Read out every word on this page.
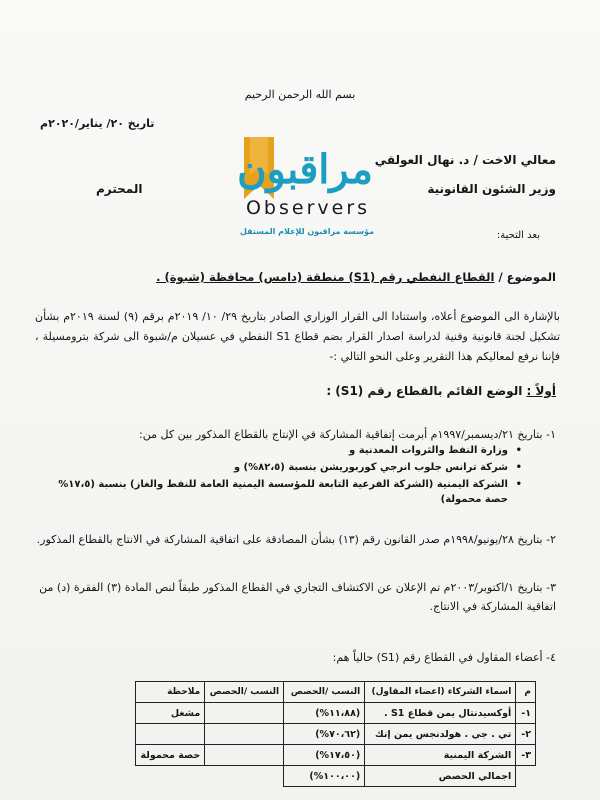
بسم الله الرحمن الرحيم
تاريخ ٢٠/ يناير/٢٠٢٠م
معالي الاخت / د. نهال العولقي
وزير الشئون القانونية
المحترم
بعد التحية:
مراقبون
Observers
مؤسسة مراقبون للإعلام المستقل
الموضوع / القطاع النفطي رقم (S1) منطقة (دامس) محافظة (شبوة) .
بالإشارة الى الموضوع أعلاه، واستنادا الى القرار الوزاري الصادر بتاريخ ٢٩/ ١٠/ ٢٠١٩م برقم (٩) لسنة ٢٠١٩م بشأن تشكيل لجنة قانونية وفنية لدراسة اصدار القرار بضم قطاع S1 النفطي في عسيلان م/شبوة الى شركة بترومسيلة ، فإننا نرفع لمعاليكم هذا التقرير وعلى النحو التالي :-
أولاً : الوضع القائم بالقطاع رقم (S1) :
١- بتاريخ ٢١/ديسمبر/١٩٩٧م أبرمت إتفاقية المشاركة في الإنتاج بالقطاع المذكور بين كل من:
• وزارة النفط والثروات المعدنية و
• شركة ترانس جلوب انرجي كوربوريشن بنسبة (٨٢،٥%) و
• الشركة اليمنية (الشركة الفرعية التابعة للمؤسسة اليمنية العامة للنفط والغاز) بنسبة (١٧،٥% حصة محمولة)
٢- بتاريخ ٢٨/يونيو/١٩٩٨م صدر القانون رقم (١٣) بشأن المصادقة على اتفاقية المشاركة في الانتاج بالقطاع المذكور.
٣- بتاريخ ١/اكتوبر/٢٠٠٣م تم الإعلان عن الاكتشاف التجاري في القطاع المذكور طبقاً لنص المادة (٣) الفقرة (د) من اتفاقية المشاركة في الانتاج.
٤- أعضاء المقاول في القطاع رقم (S1) حالياً هم:
م	اسماء الشركاء (اعضاء المقاول)	النسب /الحصص	النسب /الحصص	ملاحظة
١-	أوكسيدنتال يمن قطاع S1 .	(١١،٨٨%)		مشغل
٢-	تي . جي . هولدنجس يمن إنك	(٧٠،٦٢%)		
٣-	الشركة اليمنية	(١٧،٥٠%)		حصة محمولة
	اجمالي الحصص	(١٠٠،٠٠%)		
